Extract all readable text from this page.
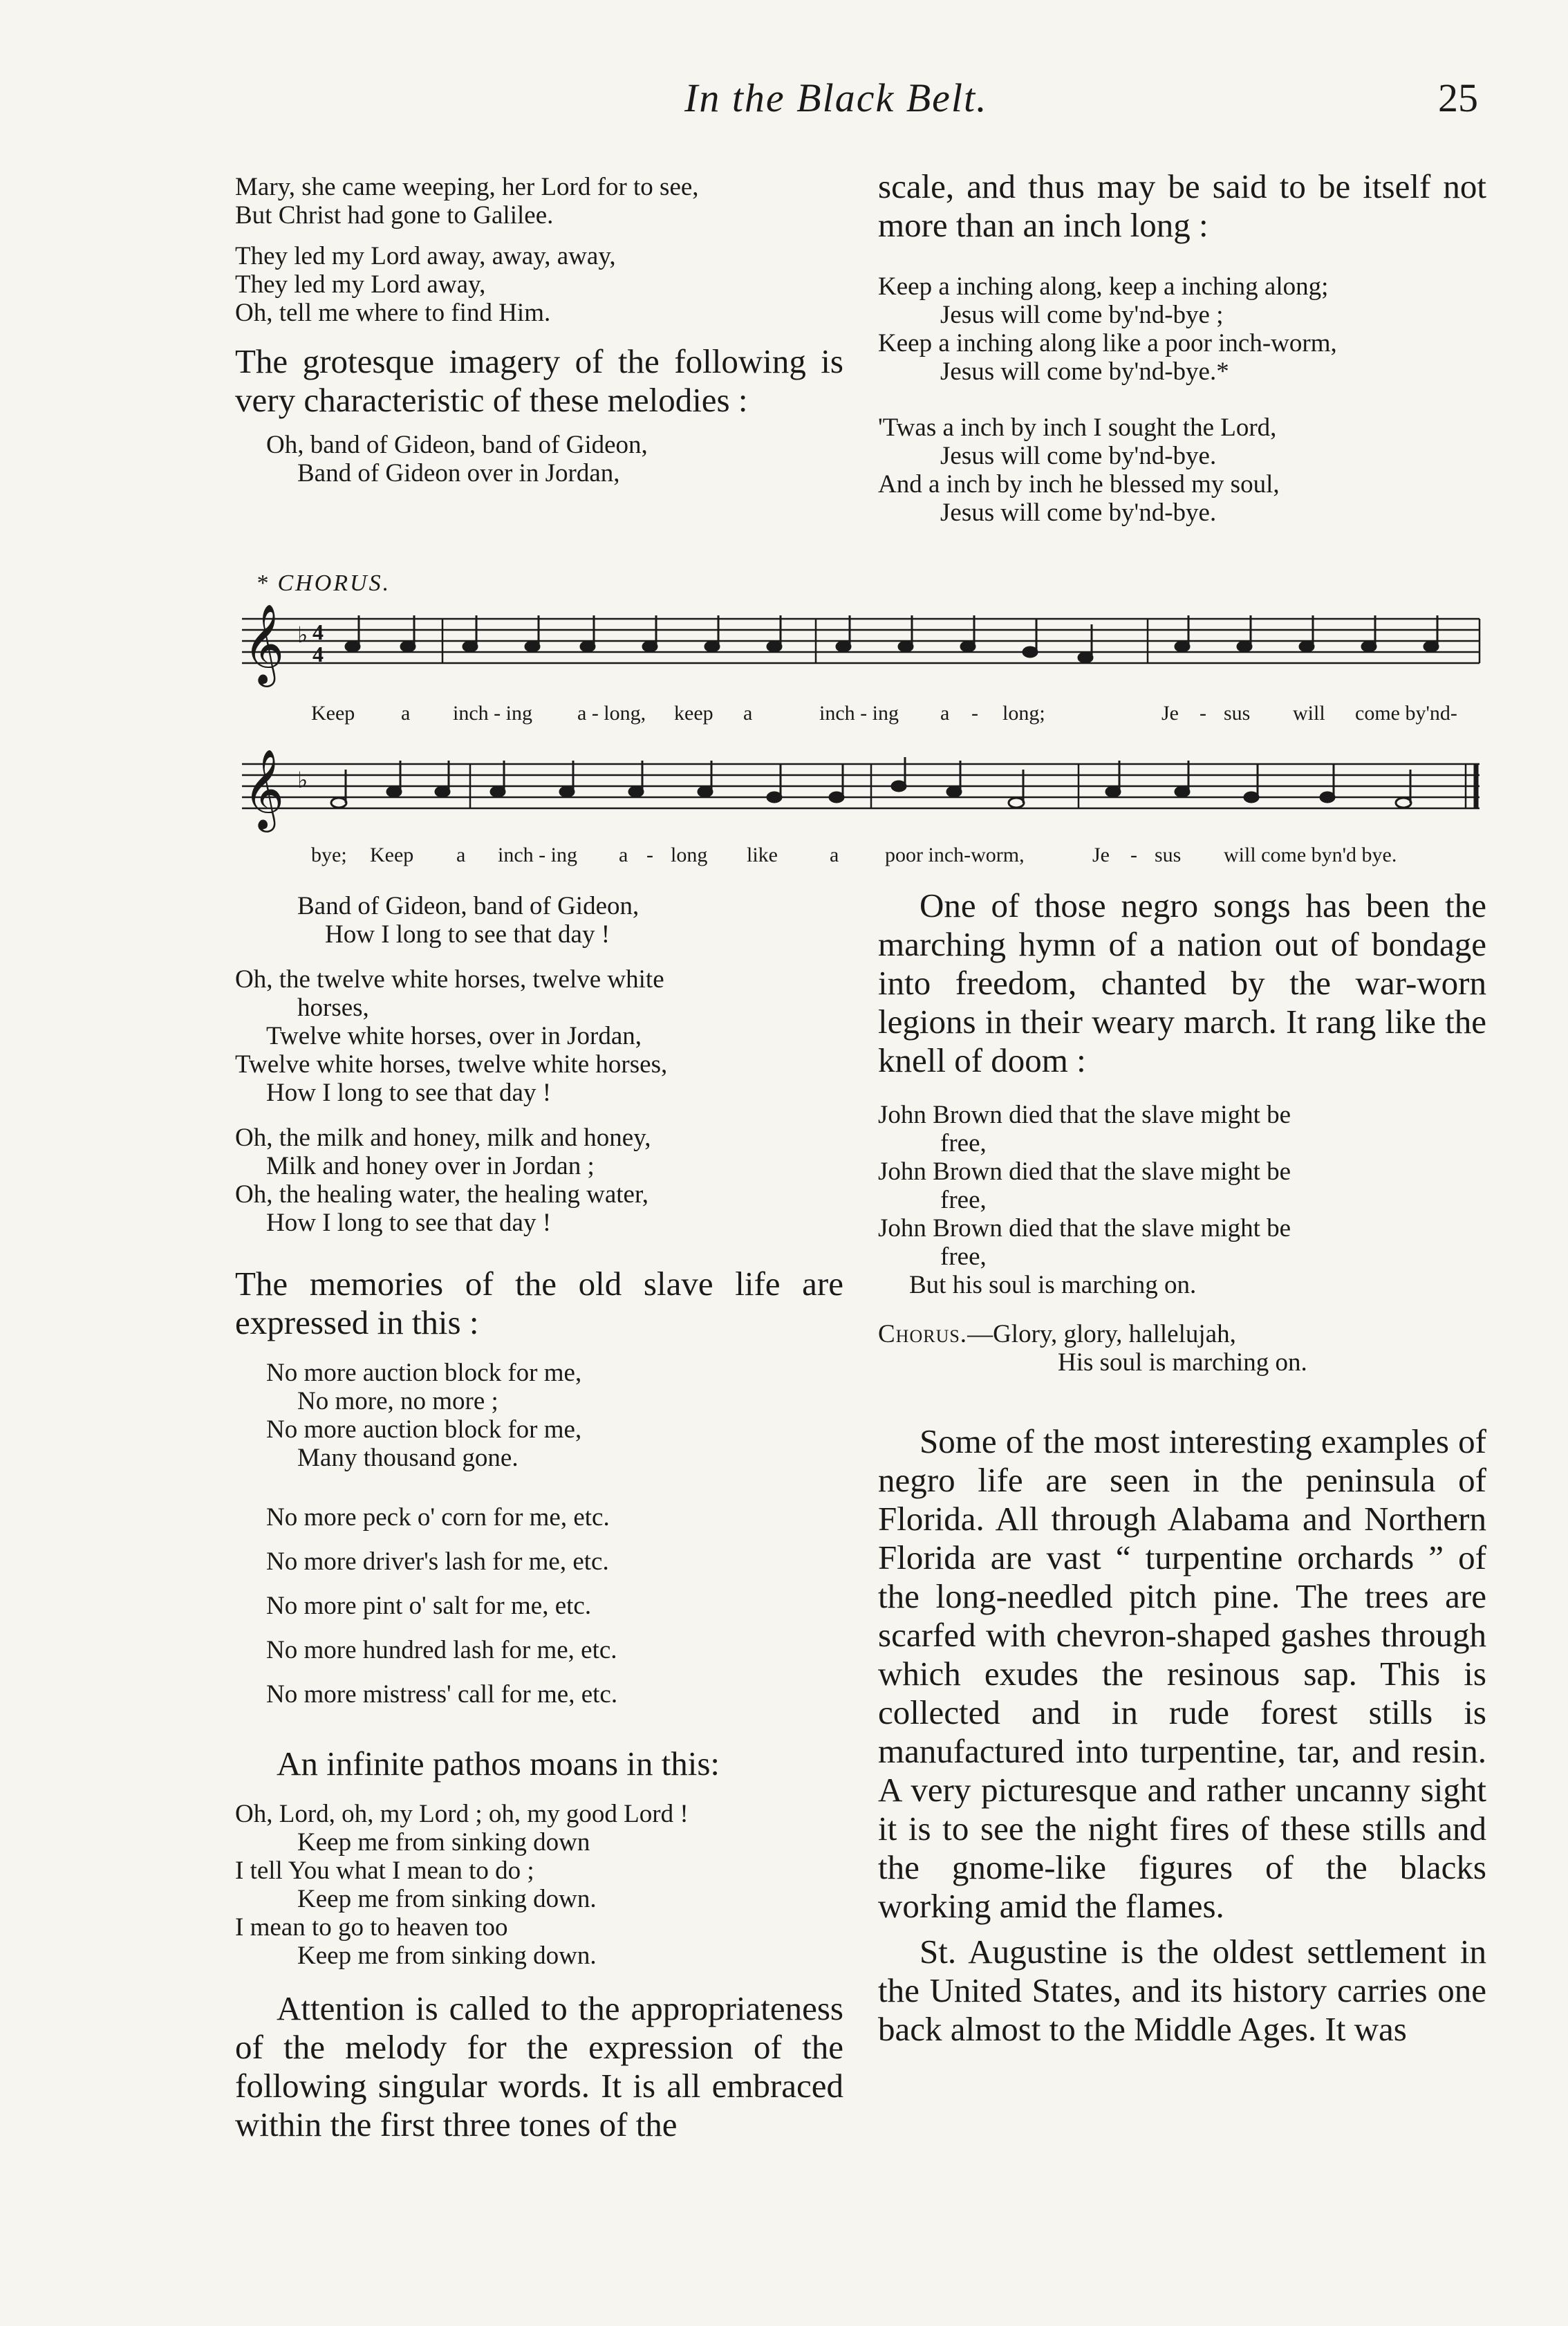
In the Black Belt.	25
Mary, she came weeping, her Lord for to see,
But Christ had gone to Galilee.
They led my Lord away, away, away,
They led my Lord away,
Oh, tell me where to find Him.

The grotesque imagery of the following is very characteristic of these melodies :

Oh, band of Gideon, band of Gideon,
Band of Gideon over in Jordan,

scale, and thus may be said to be itself not more than an inch long :

Keep a inching along, keep a inching along;
Jesus will come by'nd-bye ;
Keep a inching along like a poor inch-worm,
Jesus will come by'nd-bye.*
'Twas a inch by inch I sought the Lord,
Jesus will come by'nd-bye.
And a inch by inch he blessed my soul,
Jesus will come by'nd-bye.
* CHORUS.
𝄞 ♭ 4
4
Keep a inch - ing a - long, keep a	inch - ing a - long;	Je - sus will come by'nd-
𝄞 ♭
bye; Keep a inch - ing a - long like	a poor inch-worm,	Je - sus will come byn'd bye.
Band of Gideon, band of Gideon,
How I long to see that day !
Oh, the twelve white horses, twelve white
horses,
Twelve white horses, over in Jordan,
Twelve white horses, twelve white horses,
How I long to see that day !
Oh, the milk and honey, milk and honey,
Milk and honey over in Jordan ;
Oh, the healing water, the healing water,
How I long to see that day !

The memories of the old slave life are expressed in this :

No more auction block for me,
No more, no more ;
No more auction block for me,
Many thousand gone.
No more peck o' corn for me, etc.
No more driver's lash for me, etc.
No more pint o' salt for me, etc.
No more hundred lash for me, etc.
No more mistress' call for me, etc.

An infinite pathos moans in this:

Oh, Lord, oh, my Lord ; oh, my good Lord !
Keep me from sinking down
I tell You what I mean to do ;
Keep me from sinking down.
I mean to go to heaven too
Keep me from sinking down.

Attention is called to the appropriateness of the melody for the expression of the following singular words. It is all embraced within the first three tones of the

One of those negro songs has been the marching hymn of a nation out of bondage into freedom, chanted by the war-worn legions in their weary march. It rang like the knell of doom :

John Brown died that the slave might be
free,
John Brown died that the slave might be
free,
John Brown died that the slave might be
free,
But his soul is marching on.
Chorus.—Glory, glory, hallelujah,
His soul is marching on.

Some of the most interesting examples of negro life are seen in the peninsula of Florida. All through Alabama and Northern Florida are vast “ turpentine orchards ” of the long-needled pitch pine. The trees are scarfed with chevron-shaped gashes through which exudes the resinous sap. This is collected and in rude forest stills is manufactured into turpentine, tar, and resin. A very picturesque and rather uncanny sight it is to see the night fires of these stills and the gnome-like figures of the blacks working amid the flames.

St. Augustine is the oldest settlement in the United States, and its history carries one back almost to the Middle Ages. It was
